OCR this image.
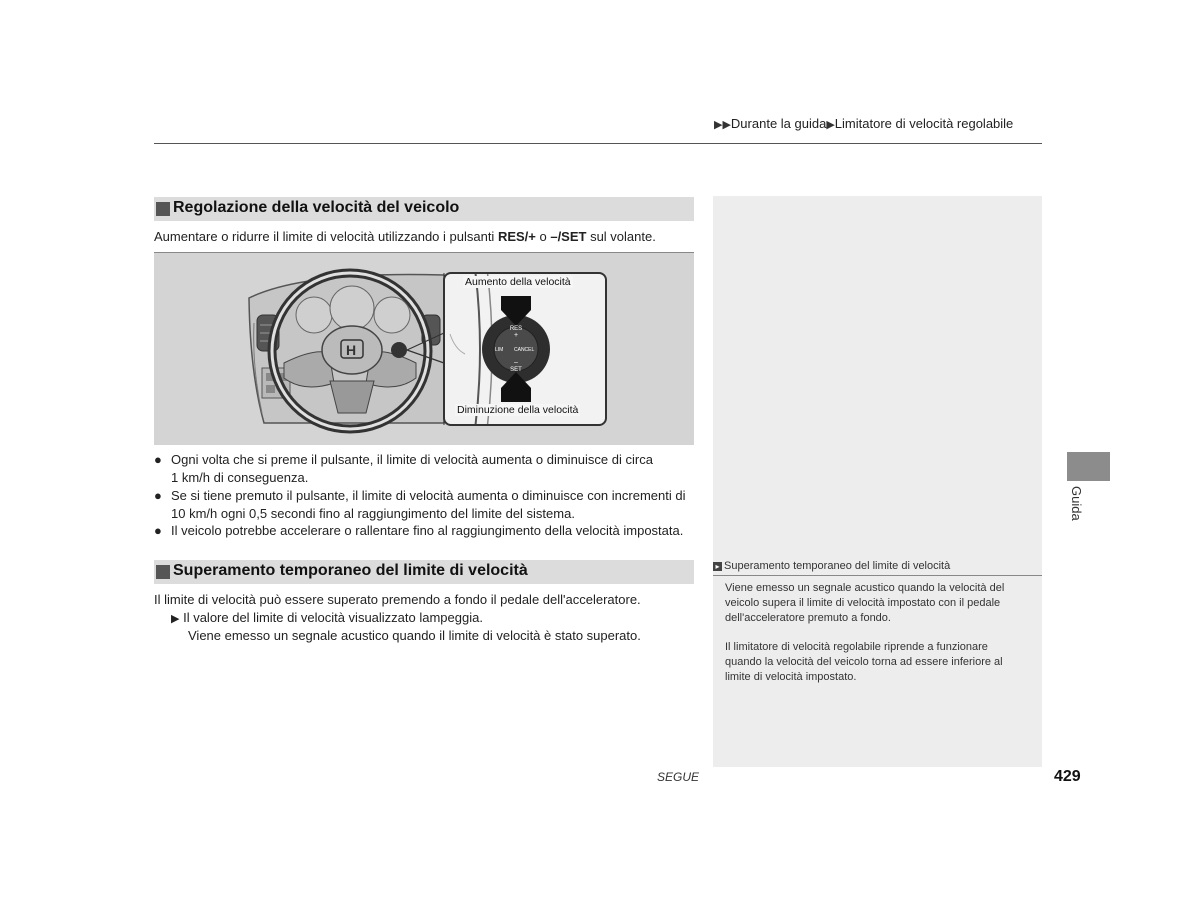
▶▶Durante la guida▶Limitatore di velocità regolabile
▸ Superamento temporaneo del limite di velocità
Viene emesso un segnale acustico quando la velocità del
veicolo supera il limite di velocità impostato con il pedale
dell'acceleratore premuto a fondo.
Il limitatore di velocità regolabile riprende a funzionare
quando la velocità del veicolo torna ad essere inferiore al
limite di velocità impostato.
Regolazione della velocità del veicolo
Aumentare o ridurre il limite di velocità utilizzando i pulsanti RES/+ o –/SET sul volante.
H
RES
+
LIM CANCEL
–
SET
Aumento della velocità
Diminuzione della velocità
● Ogni volta che si preme il pulsante, il limite di velocità aumenta o diminuisce di circa
1 km/h di conseguenza.
● Se si tiene premuto il pulsante, il limite di velocità aumenta o diminuisce con incrementi di
10 km/h ogni 0,5 secondi fino al raggiungimento del limite del sistema.
● Il veicolo potrebbe accelerare o rallentare fino al raggiungimento della velocità impostata.
Superamento temporaneo del limite di velocità
Il limite di velocità può essere superato premendo a fondo il pedale dell'acceleratore.
▶ Il valore del limite di velocità visualizzato lampeggia.
Viene emesso un segnale acustico quando il limite di velocità è stato superato.
Guida
SEGUE	429
